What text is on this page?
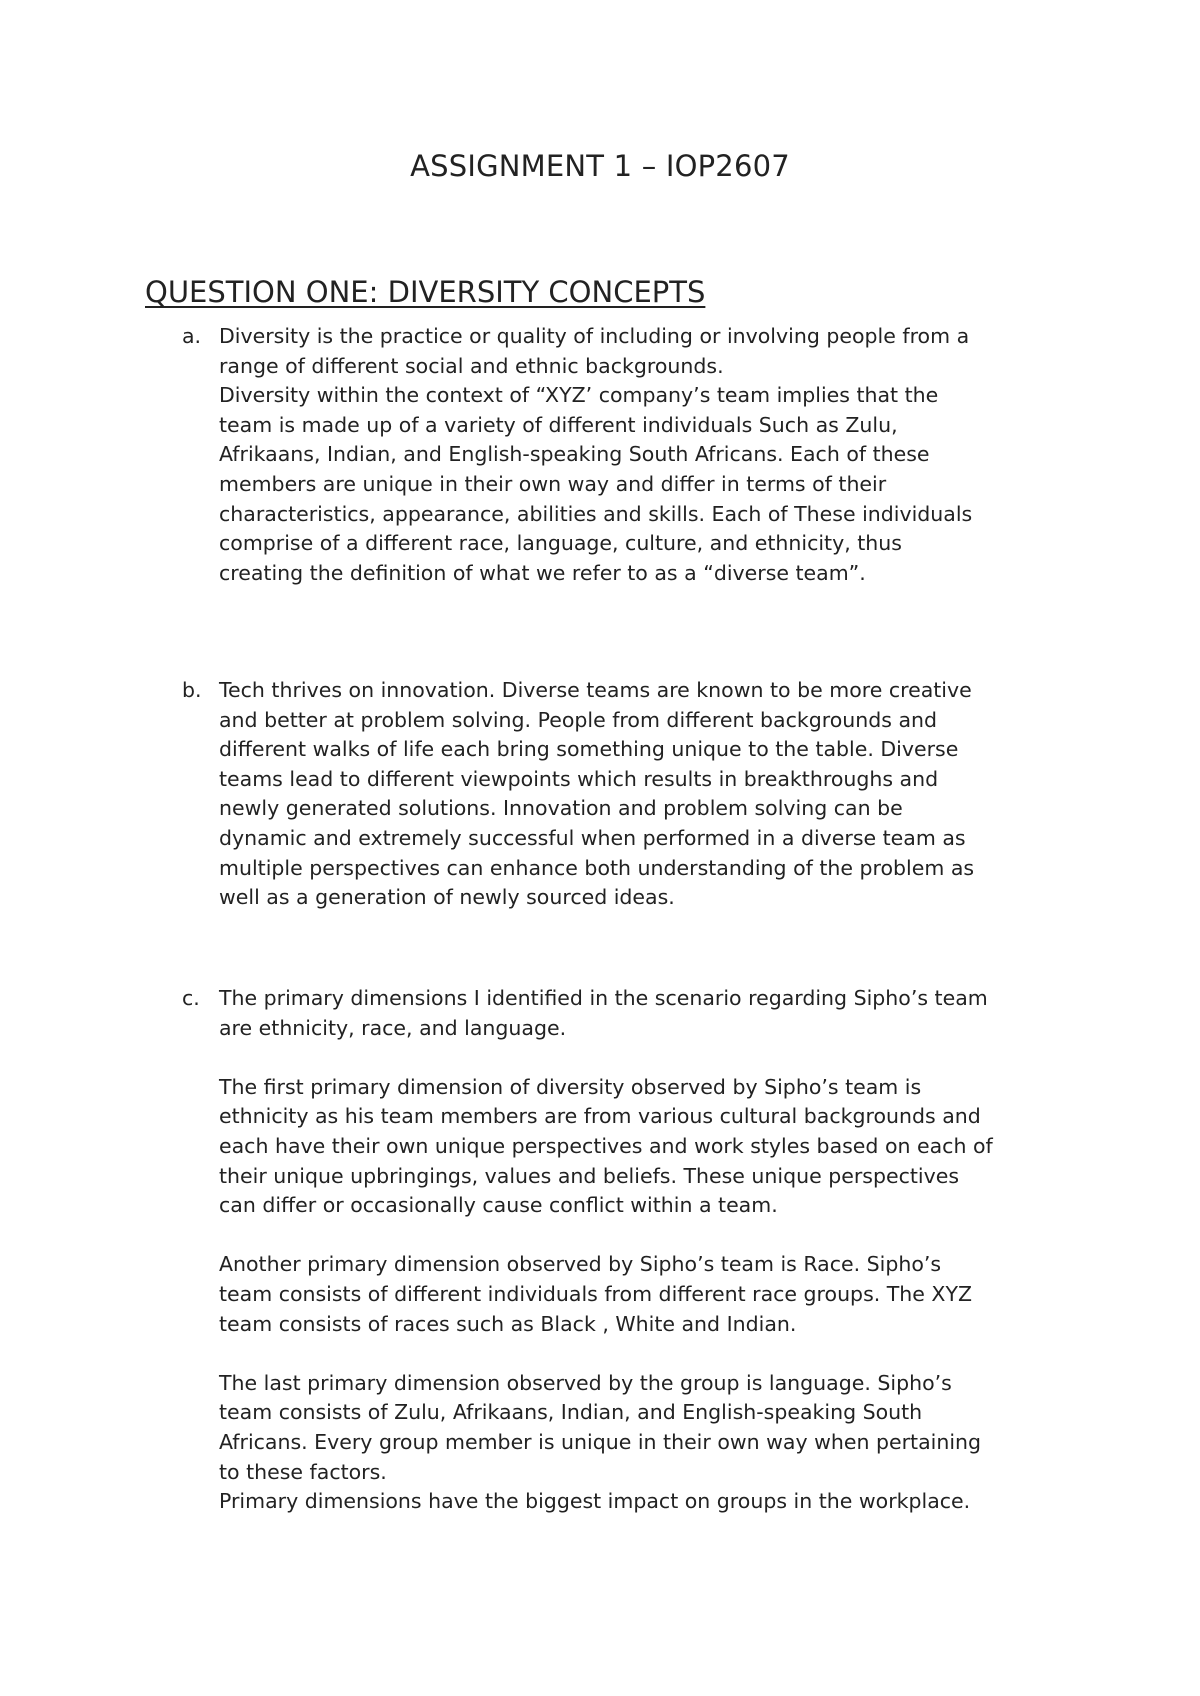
ASSIGNMENT 1 – IOP2607
QUESTION ONE: DIVERSITY CONCEPTS
a. Diversity is the practice or quality of including or involving people from a
range of different social and ethnic backgrounds.
Diversity within the context of “XYZ’ company’s team implies that the
team is made up of a variety of different individuals Such as Zulu,
Afrikaans, Indian, and English-speaking South Africans. Each of these
members are unique in their own way and differ in terms of their
characteristics, appearance, abilities and skills. Each of These individuals
comprise of a different race, language, culture, and ethnicity, thus
creating the definition of what we refer to as a “diverse team”.
b. Tech thrives on innovation. Diverse teams are known to be more creative
and better at problem solving. People from different backgrounds and
different walks of life each bring something unique to the table. Diverse
teams lead to different viewpoints which results in breakthroughs and
newly generated solutions. Innovation and problem solving can be
dynamic and extremely successful when performed in a diverse team as
multiple perspectives can enhance both understanding of the problem as
well as a generation of newly sourced ideas.
c. The primary dimensions I identified in the scenario regarding Sipho’s team
are ethnicity, race, and language.
The first primary dimension of diversity observed by Sipho’s team is
ethnicity as his team members are from various cultural backgrounds and
each have their own unique perspectives and work styles based on each of
their unique upbringings, values and beliefs. These unique perspectives
can differ or occasionally cause conflict within a team.
Another primary dimension observed by Sipho’s team is Race. Sipho’s
team consists of different individuals from different race groups. The XYZ
team consists of races such as Black , White and Indian.
The last primary dimension observed by the group is language. Sipho’s
team consists of Zulu, Afrikaans, Indian, and English-speaking South
Africans. Every group member is unique in their own way when pertaining
to these factors.
Primary dimensions have the biggest impact on groups in the workplace.
